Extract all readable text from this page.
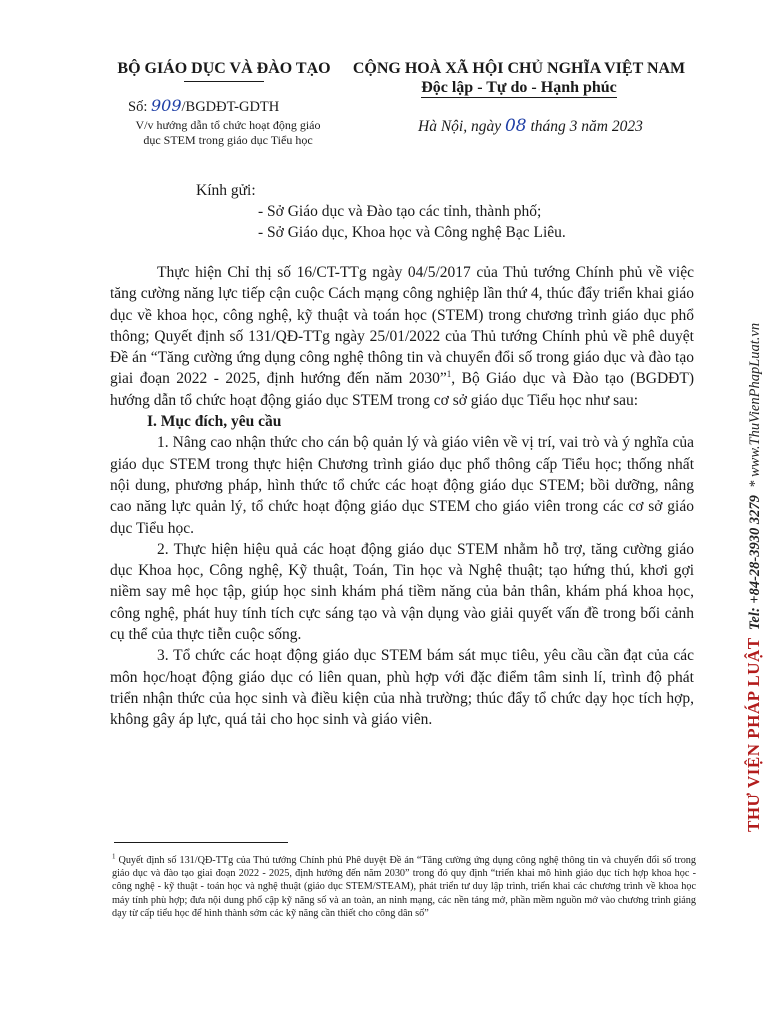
BỘ GIÁO DỤC VÀ ĐÀO TẠO	CỘNG HOÀ XÃ HỘI CHỦ NGHĨA VIỆT NAM
Độc lập - Tự do - Hạnh phúc
Số: 909/BGDĐT-GDTH
V/v hướng dẫn tổ chức hoạt động giáo
dục STEM trong giáo dục Tiểu học
Hà Nội, ngày 08 tháng 3 năm 2023
Kính gửi:
- Sở Giáo dục và Đào tạo các tỉnh, thành phố;
- Sở Giáo dục, Khoa học và Công nghệ Bạc Liêu.

Thực hiện Chỉ thị số 16/CT-TTg ngày 04/5/2017 của Thủ tướng Chính phủ về việc tăng cường năng lực tiếp cận cuộc Cách mạng công nghiệp lần thứ 4, thúc đẩy triển khai giáo dục về khoa học, công nghệ, kỹ thuật và toán học (STEM) trong chương trình giáo dục phổ thông; Quyết định số 131/QĐ-TTg ngày 25/01/2022 của Thủ tướng Chính phủ về phê duyệt Đề án “Tăng cường ứng dụng công nghệ thông tin và chuyển đổi số trong giáo dục và đào tạo giai đoạn 2022 - 2025, định hướng đến năm 2030”$^1$, Bộ Giáo dục và Đào tạo (BGDĐT) hướng dẫn tổ chức hoạt động giáo dục STEM trong cơ sở giáo dục Tiểu học như sau:

I. Mục đích, yêu cầu

1. Nâng cao nhận thức cho cán bộ quản lý và giáo viên về vị trí, vai trò và ý nghĩa của giáo dục STEM trong thực hiện Chương trình giáo dục phổ thông cấp Tiểu học; thống nhất nội dung, phương pháp, hình thức tổ chức các hoạt động giáo dục STEM; bồi dưỡng, nâng cao năng lực quản lý, tổ chức hoạt động giáo dục STEM cho giáo viên trong các cơ sở giáo dục Tiểu học.

2. Thực hiện hiệu quả các hoạt động giáo dục STEM nhằm hỗ trợ, tăng cường giáo dục Khoa học, Công nghệ, Kỹ thuật, Toán, Tin học và Nghệ thuật; tạo hứng thú, khơi gợi niềm say mê học tập, giúp học sinh khám phá tiềm năng của bản thân, khám phá khoa học, công nghệ, phát huy tính tích cực sáng tạo và vận dụng vào giải quyết vấn đề trong bối cảnh cụ thể của thực tiễn cuộc sống.

3. Tổ chức các hoạt động giáo dục STEM bám sát mục tiêu, yêu cầu cần đạt của các môn học/hoạt động giáo dục có liên quan, phù hợp với đặc điểm tâm sinh lí, trình độ phát triển nhận thức của học sinh và điều kiện của nhà trường; thúc đẩy tổ chức dạy học tích hợp, không gây áp lực, quá tải cho học sinh và giáo viên.

$^1$ Quyết định số 131/QĐ-TTg của Thủ tướng Chính phủ Phê duyệt Đề án “Tăng cường ứng dụng công nghệ thông tin và chuyển đổi số trong giáo dục và đào tạo giai đoạn 2022 - 2025, định hướng đến năm 2030” trong đó quy định “triển khai mô hình giáo dục tích hợp khoa học - công nghệ - kỹ thuật - toán học và nghệ thuật (giáo dục STEM/STEAM), phát triển tư duy lập trình, triển khai các chương trình về khoa học máy tính phù hợp; đưa nội dung phổ cập kỹ năng số và an toàn, an ninh mạng, các nền tảng mở, phần mềm nguồn mở vào chương trình giảng dạy từ cấp tiểu học để hình thành sớm các kỹ năng cần thiết cho công dân số”
THƯ VIỆN PHÁP LUẬT  Tel: +84-28-3930 3279  * www.ThuVienPhapLuat.vn
